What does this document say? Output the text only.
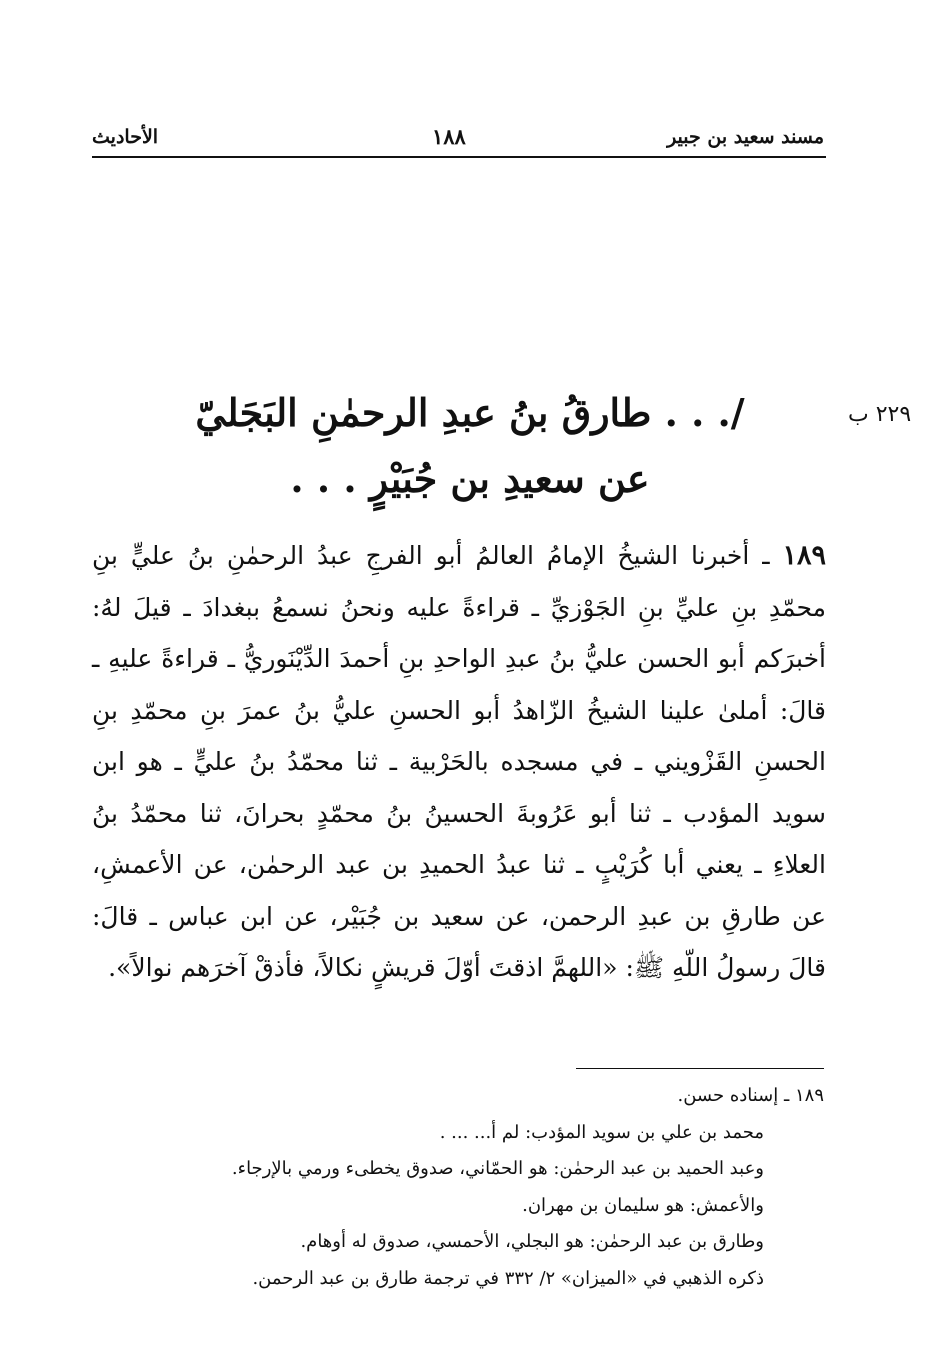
مسند سعيد بن جبير
١٨٨
الأحاديث
٢٢٩ ب
/. . . طارقُ بنُ عبدِ الرحمٰنِ البَجَليّ
عن سعيدِ بن جُبَيْرٍ . . .
١٨٩ ـ أخبرنا الشيخُ الإمامُ العالمُ أبو الفرجِ عبدُ الرحمٰنِ بنُ عليٍّ بنِ محمّدِ بنِ عليِّ بنِ الجَوْزيِّ ـ قراءةً عليه ونحنُ نسمعُ ببغدادَ ـ قيلَ لهُ: أخبرَكم أبو الحسن عليُّ بنُ عبدِ الواحدِ بنِ أحمدَ الدِّيْنَوريُّ ـ قراءةً عليهِ ـ قالَ: أملىٰ علينا الشيخُ الزّاهدُ أبو الحسنِ عليُّ بنُ عمرَ بنِ محمّدِ بنِ الحسنِ القَزْويني ـ في مسجده بالحَرْبية ـ ثنا محمّدُ بنُ عليٍّ ـ هو ابن سويد المؤدب ـ ثنا أبو عَرُوبةَ الحسينُ بنُ محمّدٍ بحرانَ، ثنا محمّدُ بنُ العلاءِ ـ يعني أبا كُرَيْبٍ ـ ثنا عبدُ الحميدِ بن عبد الرحمٰن، عن الأعمشِ، عن طارقِ بن عبدِ الرحمن، عن سعيد بن جُبَيْر، عن ابن عباس ـ قالَ: قالَ رسولُ اللّهِ ﷺ: «اللهمَّ اذقتَ أوّلَ قريشٍ نكالاً، فأذقْ آخرَهم نوالاً».
١٨٩ ـ إسناده حسن.
محمد بن علي بن سويد المؤدب: لم أ... ... .
وعبد الحميد بن عبد الرحمٰن: هو الحمّاني، صدوق يخطىء ورمي بالإرجاء.
والأعمش: هو سليمان بن مهران.
وطارق بن عبد الرحمٰن: هو البجلي، الأحمسي، صدوق له أوهام.
ذكره الذهبي في «الميزان» ٢/ ٣٣٢ في ترجمة طارق بن عبد الرحمن.
